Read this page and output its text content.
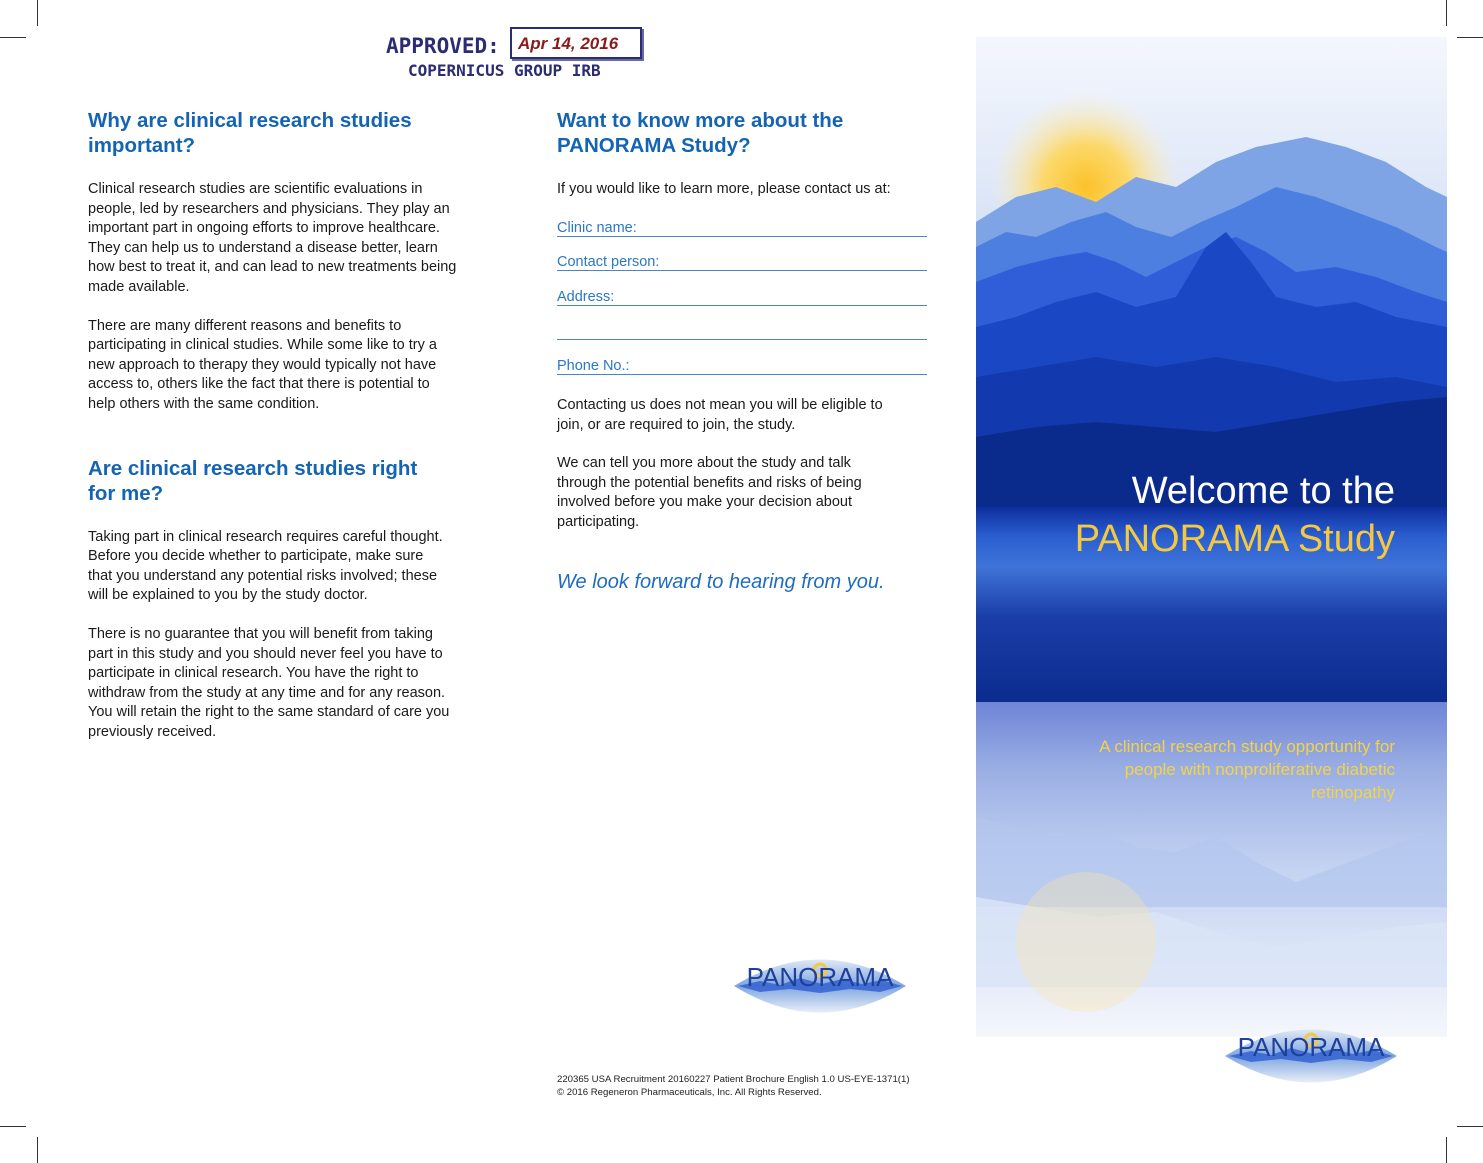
APPROVED: Apr 14, 2016
COPERNICUS GROUP IRB
Why are clinical research studies important?

Clinical research studies are scientific evaluations in people, led by researchers and physicians. They play an important part in ongoing efforts to improve healthcare. They can help us to understand a disease better, learn how best to treat it, and can lead to new treatments being made available.

There are many different reasons and benefits to participating in clinical studies. While some like to try a new approach to therapy they would typically not have access to, others like the fact that there is potential to help others with the same condition.

Are clinical research studies right for me?

Taking part in clinical research requires careful thought. Before you decide whether to participate, make sure that you understand any potential risks involved; these will be explained to you by the study doctor.

There is no guarantee that you will benefit from taking part in this study and you should never feel you have to participate in clinical research. You have the right to withdraw from the study at any time and for any reason. You will retain the right to the same standard of care you previously received.

Want to know more about the PANORAMA Study?

If you would like to learn more, please contact us at:

Clinic name:
Contact person:
Address:
Phone No.:

Contacting us does not mean you will be eligible to join, or are required to join, the study.

We can tell you more about the study and talk through the potential benefits and risks of being involved before you make your decision about participating.

We look forward to hearing from you.

PANORAMA
220365 USA Recruitment 20160227 Patient Brochure English 1.0 US-EYE-1371(1)
© 2016 Regeneron Pharmaceuticals, Inc. All Rights Reserved.
Welcome to the
PANORAMA Study
A clinical research study opportunity for people with nonproliferative diabetic retinopathy
PANORAMA
